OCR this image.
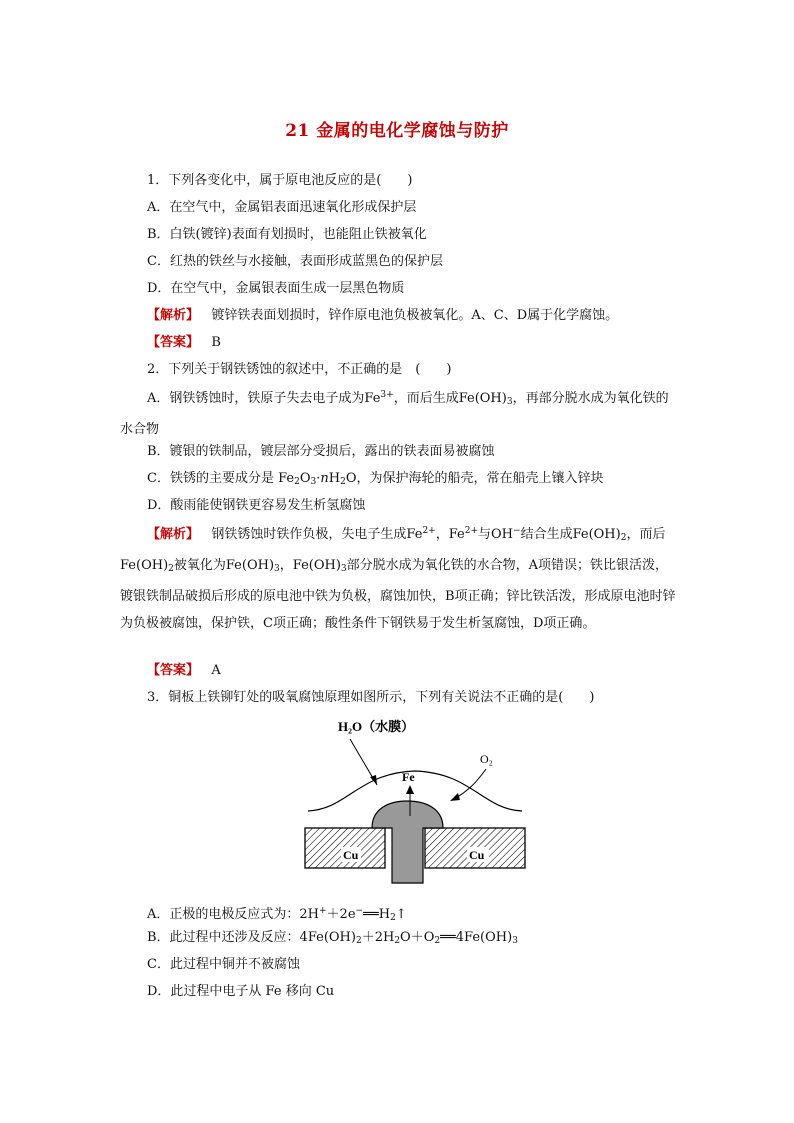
21 金属的电化学腐蚀与防护
1．下列各变化中，属于原电池反应的是(　　)
A．在空气中，金属铝表面迅速氧化形成保护层
B．白铁(镀锌)表面有划损时，也能阻止铁被氧化
C．红热的铁丝与水接触，表面形成蓝黑色的保护层
D．在空气中，金属银表面生成一层黑色物质
【解析】 镀锌铁表面划损时，锌作原电池负极被氧化。A、C、D属于化学腐蚀。
【答案】 B
2．下列关于钢铁锈蚀的叙述中，不正确的是　(　　)
A．钢铁锈蚀时，铁原子失去电子成为$Fe^{3+}$，而后生成$Fe(OH)_3$，再部分脱水成为氧化铁的水合物
B．镀银的铁制品，镀层部分受损后，露出的铁表面易被腐蚀
C．铁锈的主要成分是 $Fe_2O_3\cdot nH_2O$，为保护海轮的船壳，常在船壳上镶入锌块
D．酸雨能使钢铁更容易发生析氢腐蚀
【解析】 钢铁锈蚀时铁作负极，失电子生成$Fe^{2+}$，$Fe^{2+}$与OH−结合生成$Fe(OH)_2$，而后$Fe(OH)_2$被氧化为$Fe(OH)_3$，$Fe(OH)_3$部分脱水成为氧化铁的水合物，A项错误；铁比银活泼，镀银铁制品破损后形成的原电池中铁为负极，腐蚀加快，B项正确；锌比铁活泼，形成原电池时锌为负极被腐蚀，保护铁，C项正确；酸性条件下钢铁易于发生析氢腐蚀，D项正确。
【答案】 A
3．铜板上铁铆钉处的吸氧腐蚀原理如图所示，下列有关说法不正确的是(　　)
H₂O（水膜）
O₂
Fe
Cu	Cu
A．正极的电极反应式为：$2H^++2e^-══H_2↑$
B．此过程中还涉及反应：$4Fe(OH)_2+2H_2O+O_2══4Fe(OH)_3$
C．此过程中铜并不被腐蚀
D．此过程中电子从 Fe 移向 Cu
